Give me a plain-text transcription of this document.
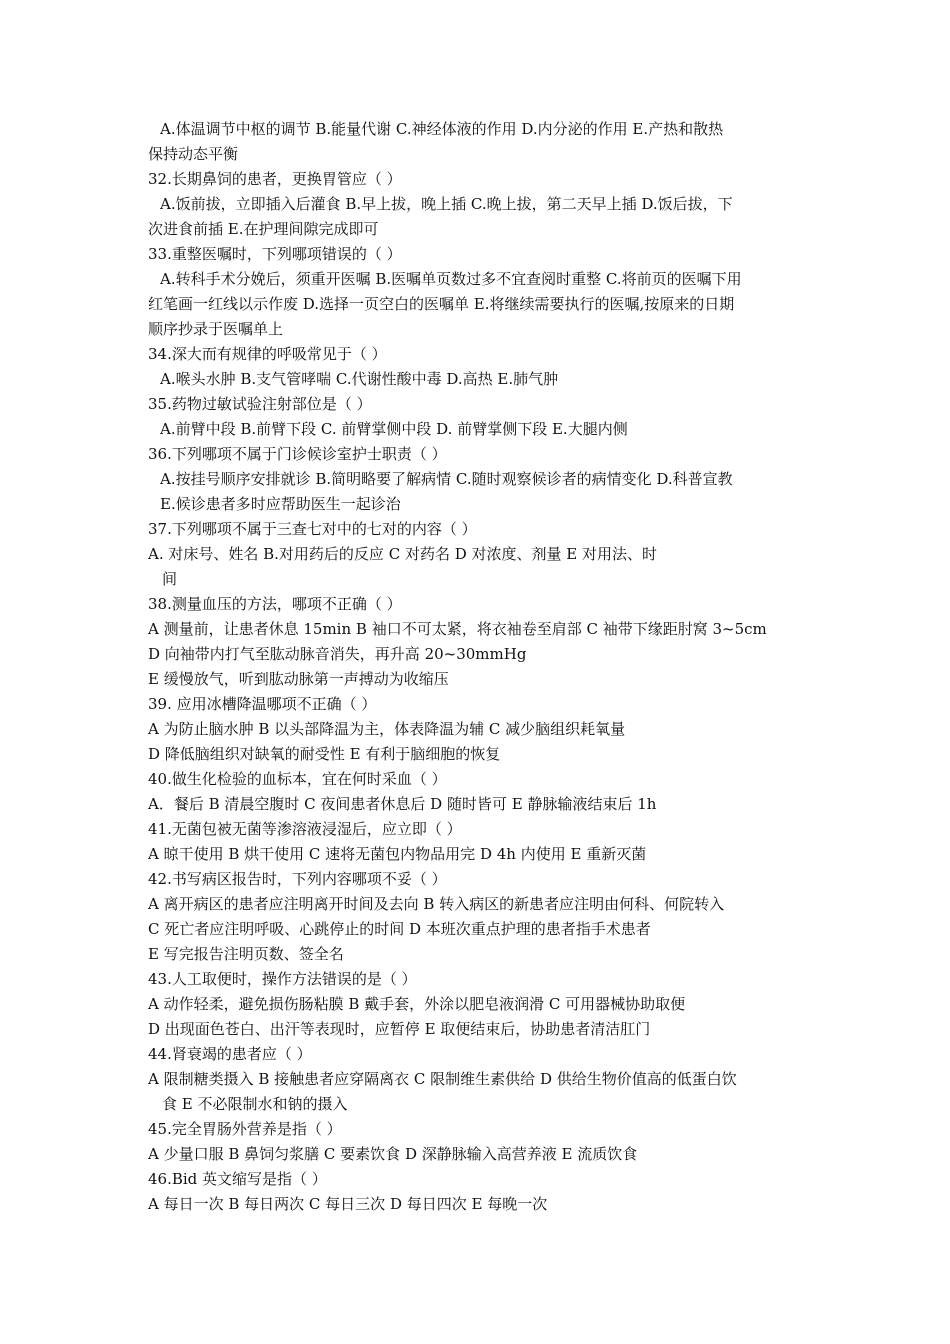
A.体温调节中枢的调节 B.能量代谢 C.神经体液的作用 D.内分泌的作用 E.产热和散热
保持动态平衡
32.长期鼻饲的患者，更换胃管应（ ）
A.饭前拔，立即插入后灌食 B.早上拔，晚上插 C.晚上拔，第二天早上插 D.饭后拔，下
次进食前插 E.在护理间隙完成即可
33.重整医嘱时，下列哪项错误的（ ）
A.转科手术分娩后，须重开医嘱 B.医嘱单页数过多不宜查阅时重整 C.将前页的医嘱下用
红笔画一红线以示作废 D.选择一页空白的医嘱单 E.将继续需要执行的医嘱,按原来的日期
顺序抄录于医嘱单上
34.深大而有规律的呼吸常见于（ ）
A.喉头水肿 B.支气管哮喘 C.代谢性酸中毒 D.高热 E.肺气肿
35.药物过敏试验注射部位是（ ）
A.前臂中段 B.前臂下段 C. 前臂掌侧中段 D. 前臂掌侧下段 E.大腿内侧
36.下列哪项不属于门诊候诊室护士职责（ ）
A.按挂号顺序安排就诊 B.简明略要了解病情 C.随时观察候诊者的病情变化 D.科普宣教
E.候诊患者多时应帮助医生一起诊治
37.下列哪项不属于三查七对中的七对的内容（ ）
A. 对床号、姓名 B.对用药后的反应 C 对药名 D 对浓度、剂量 E 对用法、时
间
38.测量血压的方法，哪项不正确（ ）
A 测量前，让患者休息 15min B 袖口不可太紧，将衣袖卷至肩部 C 袖带下缘距肘窝 3~5cm
D 向袖带内打气至肱动脉音消失，再升高 20~30mmHg
E 缓慢放气，听到肱动脉第一声搏动为收缩压
39. 应用冰槽降温哪项不正确（ ）
A 为防止脑水肿 B 以头部降温为主，体表降温为辅 C 减少脑组织耗氧量
D 降低脑组织对缺氧的耐受性 E 有利于脑细胞的恢复
40.做生化检验的血标本，宜在何时采血（ ）
A．餐后 B 清晨空腹时 C 夜间患者休息后 D 随时皆可 E 静脉输液结束后 1h
41.无菌包被无菌等渗溶液浸湿后，应立即（ ）
A 晾干使用 B 烘干使用 C 速将无菌包内物品用完 D 4h 内使用 E 重新灭菌
42.书写病区报告时，下列内容哪项不妥（ ）
A 离开病区的患者应注明离开时间及去向 B 转入病区的新患者应注明由何科、何院转入
C 死亡者应注明呼吸、心跳停止的时间 D 本班次重点护理的患者指手术患者
E 写完报告注明页数、签全名
43.人工取便时，操作方法错误的是（ ）
A 动作轻柔，避免损伤肠粘膜 B 戴手套，外涂以肥皂液润滑 C 可用器械协助取便
D 出现面色苍白、出汗等表现时，应暂停 E 取便结束后，协助患者清洁肛门
44.肾衰竭的患者应（ ）
A 限制糖类摄入 B 接触患者应穿隔离衣 C 限制维生素供给 D 供给生物价值高的低蛋白饮
食 E 不必限制水和钠的摄入
45.完全胃肠外营养是指（ ）
A 少量口服 B 鼻饲匀浆膳 C 要素饮食 D 深静脉输入高营养液 E 流质饮食
46.Bid 英文缩写是指（ ）
A 每日一次 B 每日两次 C 每日三次 D 每日四次 E 每晚一次
